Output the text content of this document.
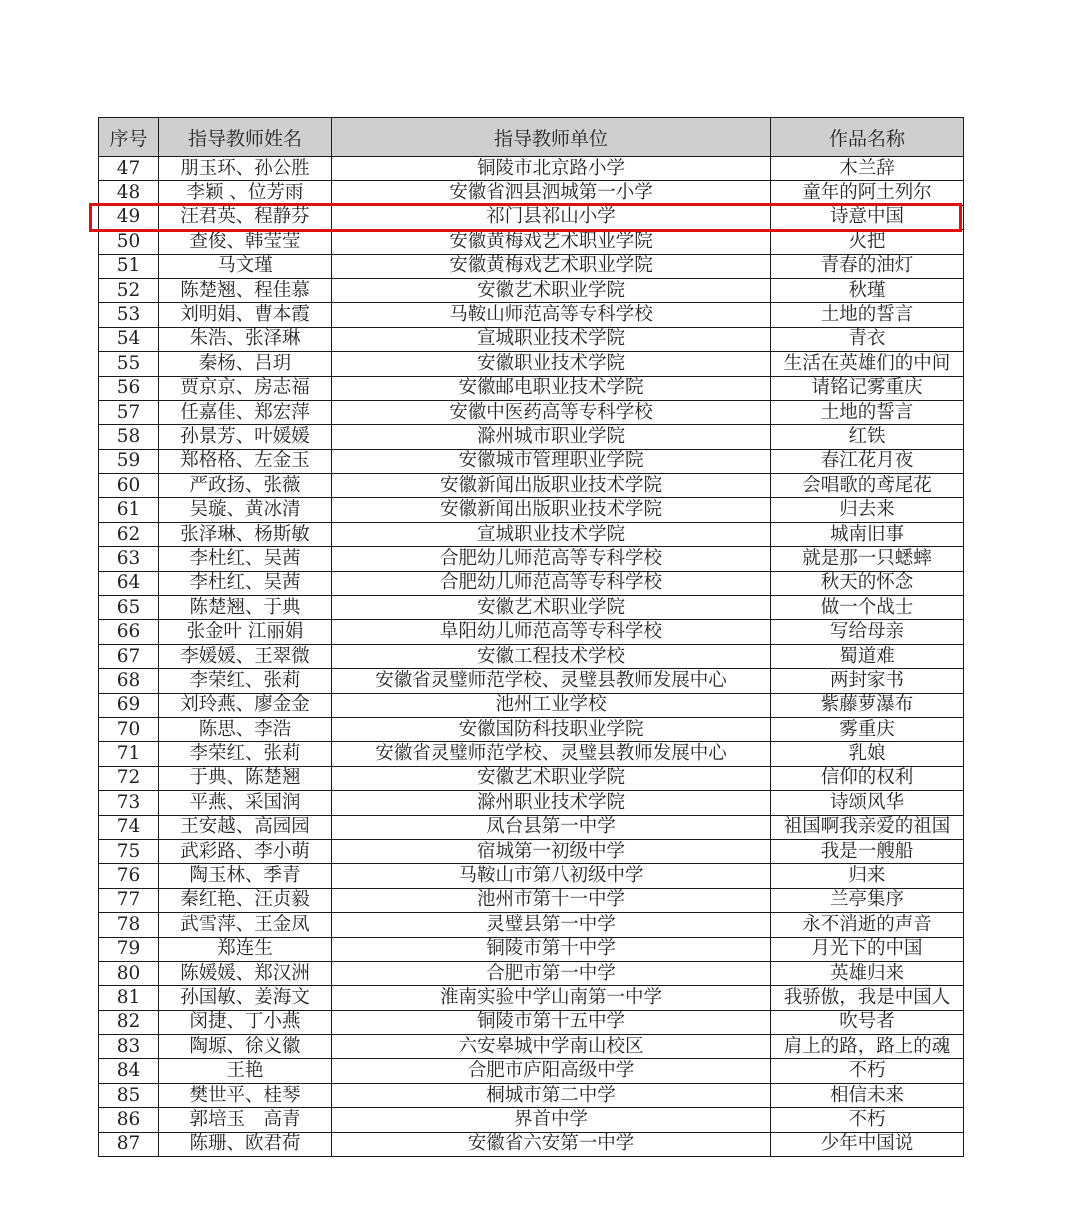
序号	指导教师姓名	指导教师单位	作品名称
47	朋玉环、孙公胜	铜陵市北京路小学	木兰辞
48	李颖 、位芳雨	安徽省泗县泗城第一小学	童年的阿土列尔
49	汪君英、程静芬	祁门县祁山小学	诗意中国
50	查俊、韩莹莹	安徽黄梅戏艺术职业学院	火把
51	马文瑾	安徽黄梅戏艺术职业学院	青春的油灯
52	陈楚翘、程佳慕	安徽艺术职业学院	秋瑾
53	刘明娟、曹本霞	马鞍山师范高等专科学校	土地的誓言
54	朱浩、张泽琳	宣城职业技术学院	青衣
55	秦杨、吕玥	安徽职业技术学院	生活在英雄们的中间
56	贾京京、房志福	安徽邮电职业技术学院	请铭记雾重庆
57	任嘉佳、郑宏萍	安徽中医药高等专科学校	土地的誓言
58	孙景芳、叶媛媛	滁州城市职业学院	红铁
59	郑格格、左金玉	安徽城市管理职业学院	春江花月夜
60	严政扬、张薇	安徽新闻出版职业技术学院	会唱歌的鸢尾花
61	吴璇、黄冰清	安徽新闻出版职业技术学院	归去来
62	张泽琳、杨斯敏	宣城职业技术学院	城南旧事
63	李杜红、吴茜	合肥幼儿师范高等专科学校	就是那一只蟋蟀
64	李杜红、吴茜	合肥幼儿师范高等专科学校	秋天的怀念
65	陈楚翘、于典	安徽艺术职业学院	做一个战士
66	张金叶 江丽娟	阜阳幼儿师范高等专科学校	写给母亲
67	李媛媛、王翠微	安徽工程技术学校	蜀道难
68	李荣红、张莉	安徽省灵璧师范学校、灵璧县教师发展中心	两封家书
69	刘玲燕、廖金金	池州工业学校	紫藤萝瀑布
70	陈思、李浩	安徽国防科技职业学院	雾重庆
71	李荣红、张莉	安徽省灵璧师范学校、灵璧县教师发展中心	乳娘
72	于典、陈楚翘	安徽艺术职业学院	信仰的权利
73	平燕、采国润	滁州职业技术学院	诗颂风华
74	王安越、高园园	凤台县第一中学	祖国啊我亲爱的祖国
75	武彩路、李小萌	宿城第一初级中学	我是一艘船
76	陶玉林、季青	马鞍山市第八初级中学	归来
77	秦红艳、汪贞毅	池州市第十一中学	兰亭集序
78	武雪萍、王金凤	灵璧县第一中学	永不消逝的声音
79	郑连生	铜陵市第十中学	月光下的中国
80	陈媛媛、郑汉洲	合肥市第一中学	英雄归来
81	孙国敏、姜海文	淮南实验中学山南第一中学	我骄傲，我是中国人
82	闵捷、丁小燕	铜陵市第十五中学	吹号者
83	陶塬、徐义徽	六安皋城中学南山校区	肩上的路，路上的魂
84	王艳	合肥市庐阳高级中学	不朽
85	樊世平、桂琴	桐城市第二中学	相信未来
86	郭培玉　高青	界首中学	不朽
87	陈珊、欧君荷	安徽省六安第一中学	少年中国说
